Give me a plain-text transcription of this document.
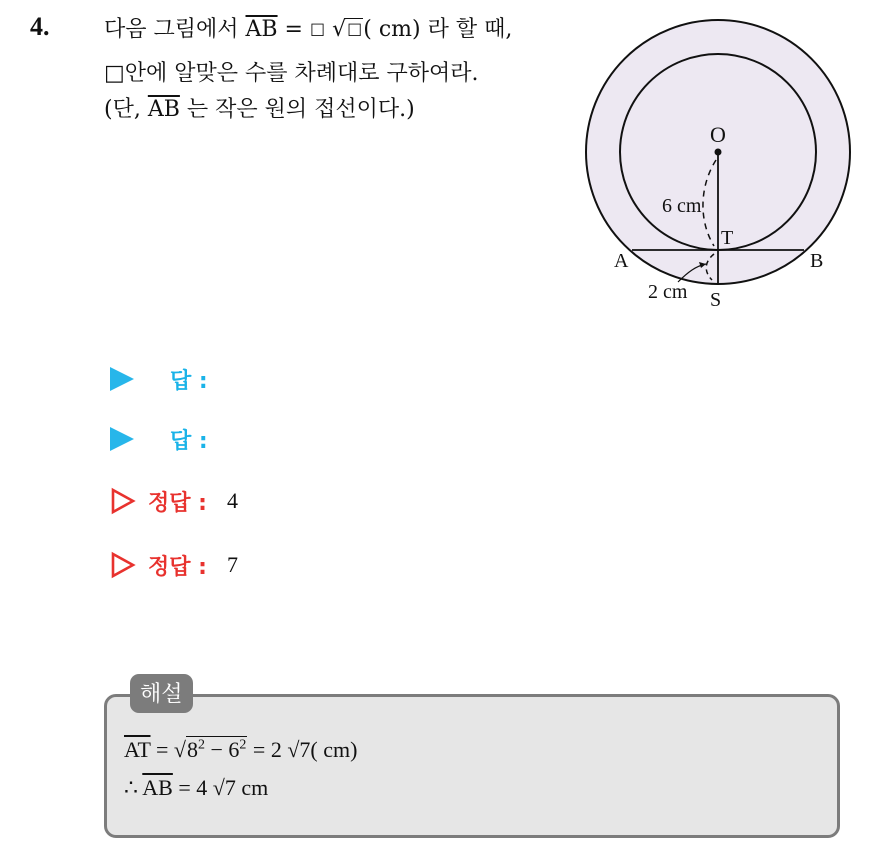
4. 다음 그림에서 $\overline{AB}$ = □ √□( cm) 라 할 때,
□안에 알맞은 수를 차례대로 구하여라.
(단, $\overline{AB}$ 는 작은 원의 접선이다.)
O
6 cm
T
A	B
2 cm S
답 :
답 :
정답 : 4
정답 : 7
해설
$\overline{AT} = √8^2 - 6^2 = 2$ √7( cm)
∴ $\overline{AB} = 4$ √7 cm
